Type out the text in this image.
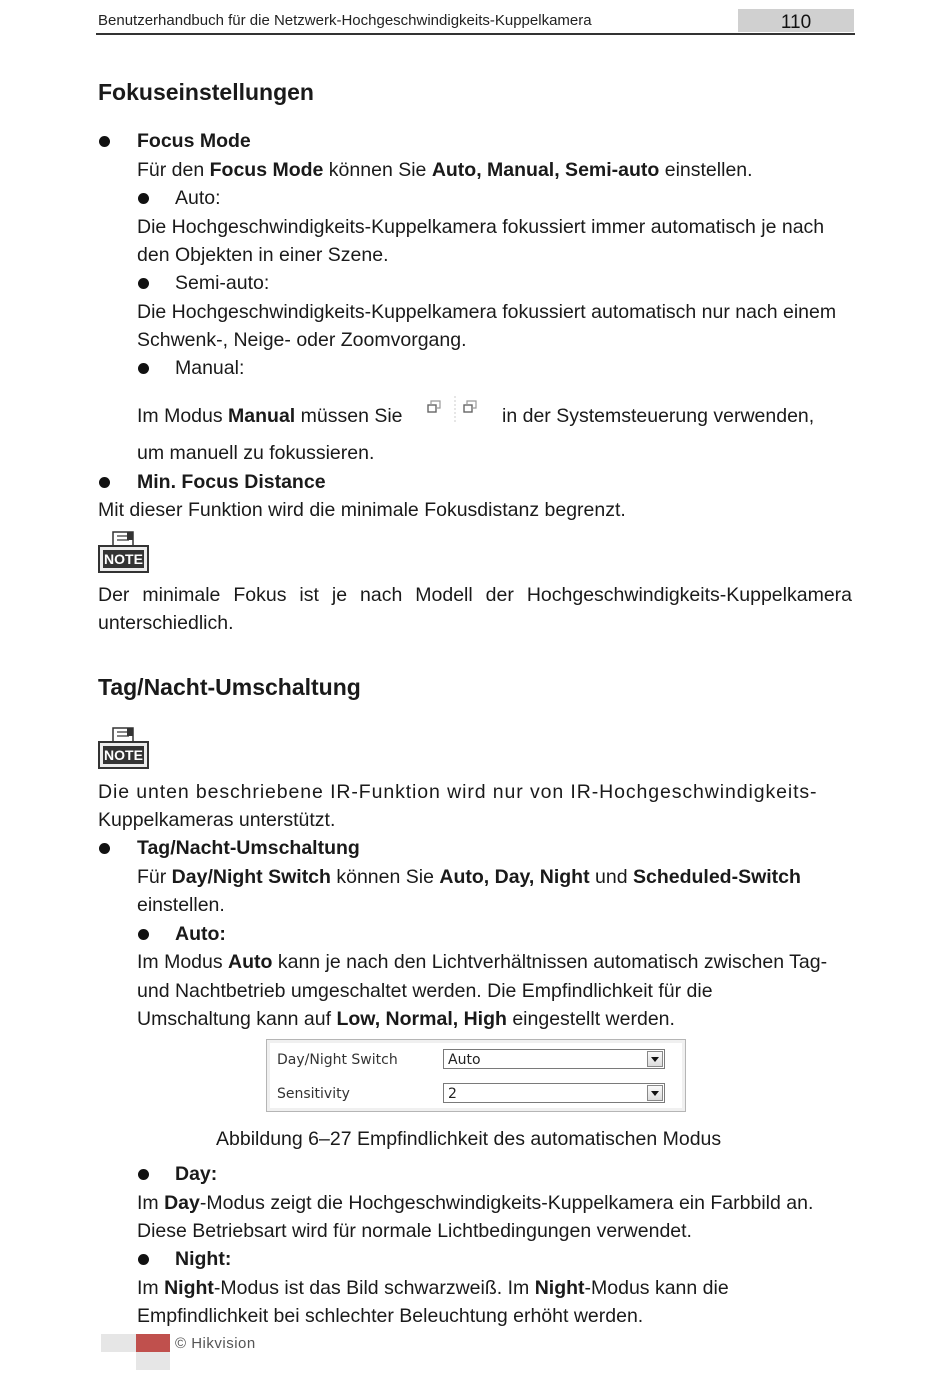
Benutzerhandbuch für die Netzwerk-Hochgeschwindigkeits-Kuppelkamera	110
Fokuseinstellungen
Focus Mode
Für den Focus Mode können Sie Auto, Manual, Semi-auto einstellen.
Auto:
Die Hochgeschwindigkeits-Kuppelkamera fokussiert immer automatisch je nach
den Objekten in einer Szene.
Semi-auto:
Die Hochgeschwindigkeits-Kuppelkamera fokussiert automatisch nur nach einem
Schwenk-, Neige- oder Zoomvorgang.
Manual:
Im Modus Manual müssen Sie	in der Systemsteuerung verwenden,
um manuell zu fokussieren.
Min. Focus Distance
Mit dieser Funktion wird die minimale Fokusdistanz begrenzt.
NOTE
Der minimale Fokus ist je nach Modell der Hochgeschwindigkeits-Kuppelkamera
unterschiedlich.
Tag/Nacht-Umschaltung
NOTE
Die unten beschriebene IR-Funktion wird nur von IR-Hochgeschwindigkeits-
Kuppelkameras unterstützt.
Tag/Nacht-Umschaltung
Für Day/Night Switch können Sie Auto, Day, Night und Scheduled-Switch
einstellen.
Auto:
Im Modus Auto kann je nach den Lichtverhältnissen automatisch zwischen Tag-
und Nachtbetrieb umgeschaltet werden. Die Empfindlichkeit für die
Umschaltung kann auf Low, Normal, High eingestellt werden.
Day/Night Switch	Auto
Sensitivity	2
Abbildung 6–27 Empfindlichkeit des automatischen Modus
Day:
Im Day-Modus zeigt die Hochgeschwindigkeits-Kuppelkamera ein Farbbild an.
Diese Betriebsart wird für normale Lichtbedingungen verwendet.
Night:
Im Night-Modus ist das Bild schwarzweiß. Im Night-Modus kann die
Empfindlichkeit bei schlechter Beleuchtung erhöht werden.
© Hikvision
